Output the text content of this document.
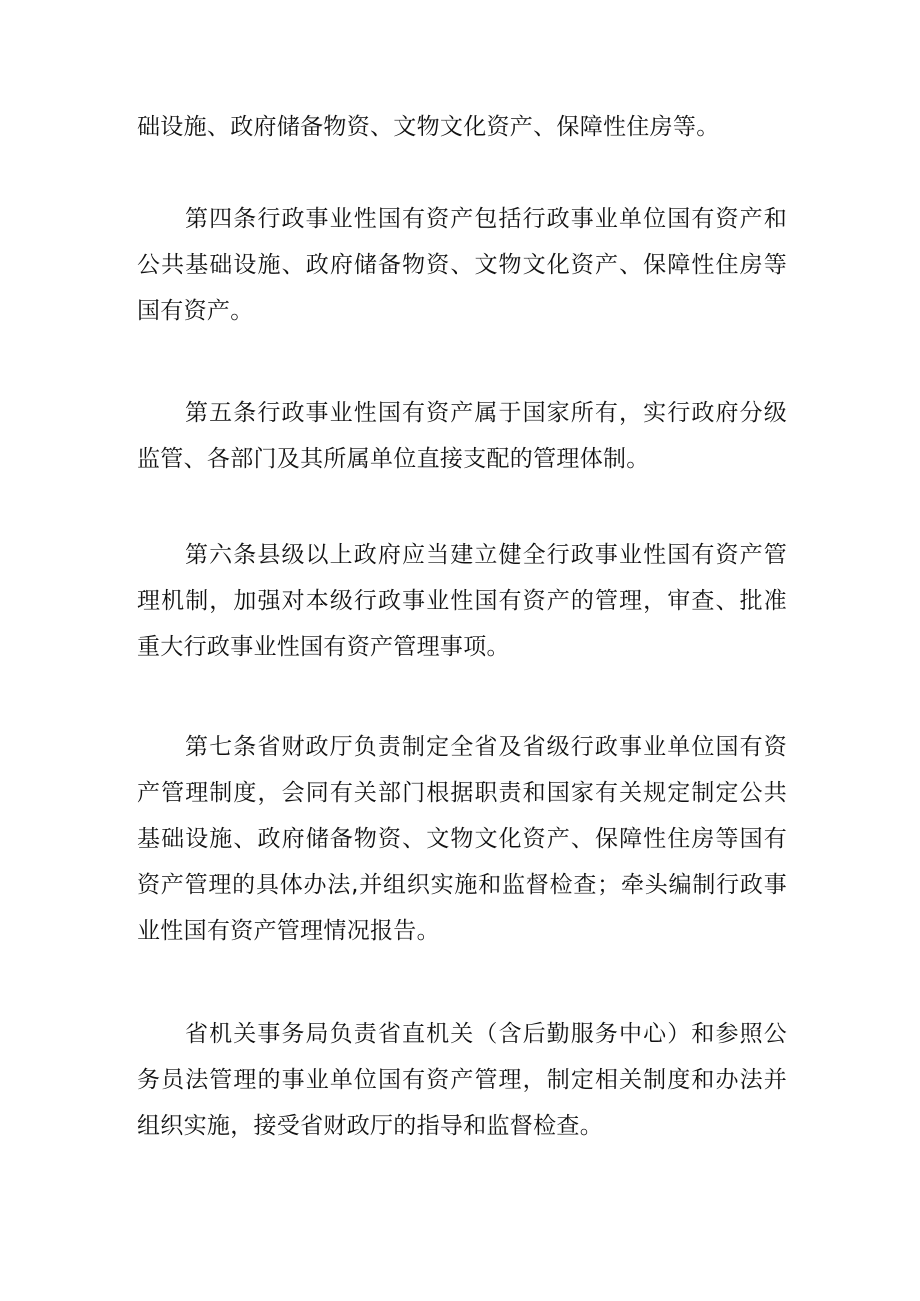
础设施、政府储备物资、文物文化资产、保障性住房等。

第四条行政事业性国有资产包括行政事业单位国有资产和公共基础设施、政府储备物资、文物文化资产、保障性住房等国有资产。

第五条行政事业性国有资产属于国家所有，实行政府分级监管、各部门及其所属单位直接支配的管理体制。

第六条县级以上政府应当建立健全行政事业性国有资产管理机制，加强对本级行政事业性国有资产的管理，审查、批准重大行政事业性国有资产管理事项。

第七条省财政厅负责制定全省及省级行政事业单位国有资产管理制度，会同有关部门根据职责和国家有关规定制定公共基础设施、政府储备物资、文物文化资产、保障性住房等国有资产管理的具体办法,并组织实施和监督检查；牵头编制行政事业性国有资产管理情况报告。

省机关事务局负责省直机关（含后勤服务中心）和参照公务员法管理的事业单位国有资产管理，制定相关制度和办法并组织实施，接受省财政厅的指导和监督检查。
